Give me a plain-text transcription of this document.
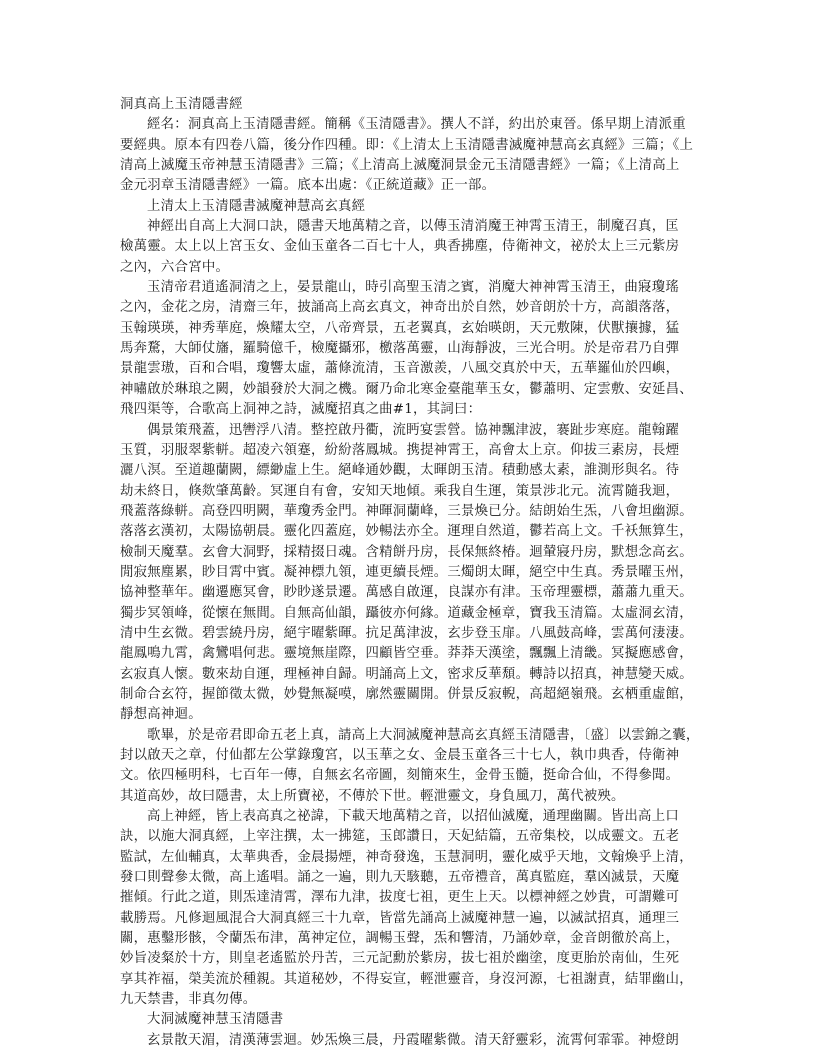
洞真高上玉清隱書經
經名：洞真高上玉清隱書經。簡稱《玉清隱書》。撰人不詳，約出於東晉。係早期上清派重
要經典。原本有四卷八篇，後分作四種。即：《上清太上玉清隱書滅魔神慧高玄真經》三篇；《上
清高上滅魔玉帝神慧玉清隱書》三篇；《上清高上滅魔洞景金元玉清隱書經》一篇；《上清高上
金元羽章玉清隱書經》一篇。底本出處：《正統道藏》正一部。
上清太上玉清隱書滅魔神慧高玄真經
神經出自高上大洞口訣，隱書天地萬精之音，以傳玉清消魔王神霄玉清王，制魔召真，匡
檢萬靈。太上以上宮玉女、金仙玉童各二百七十人，典香拂塵，侍衛神文，祕於太上三元紫房
之內，六合宮中。
玉清帝君逍遙洞清之上，晏景龍山，時引高聖玉清之賓，消魔大神神霄玉清王，曲寢瓊瑤
之內，金花之房，清齋三年，披誦高上高玄真文，神奇出於自然，妙音朗於十方，高韻落落，
玉翰瑛瑛，神秀華庭，煥耀太空，八帝齊景，五老翼真，玄始暎朗，天元敷陳，伏獸攘據，猛
馬奔騖，大師仗旛，羅騎億千，檢魔攝邪，檄落萬靈，山海靜波，三光合明。於是帝君乃自彈
景龍雲璈，百和合唱，瓊響太虛，蕭條流清，玉音激羨，八風交真於中天，五華羅仙於四嶼，
神嘯啟於琳琅之闕，妙韻發於大洞之機。爾乃命北寒金臺龍華玉女，鬱蕭明、定雲敷、安延昌、
飛四渠等，合歌高上洞神之詩，滅魔招真之曲#1，其詞曰：
偶景策飛蓋，迅轡浮八清。整控啟丹衢，流眄宴雲營。協神飄津波，褰趾步寒庭。龍翰躍
玉質，羽服翠紫軿。超凌六領蹇，紛紛落鳳城。携提神霄王，高會太上京。仰拔三素房，長煙
灑八溟。至道趣蘭闕，縹緲虛上生。絕峰通妙觀，太暉朗玉清。積動感太素，誰測形與名。待
劫未終日，倏欻肇萬齡。冥運自有會，安知天地傾。乘我自生運，策景涉北元。流霄隨我迴，
飛蓋落綠軿。高登四明闕，華瓊秀金門。神暉洞蘭峰，三景煥已分。結朗始生炁，八會坦幽源。
落落玄漢初，太陽協朝晨。靈化四蓋庭，妙暢法亦全。運理自然道，鬱若高上文。千袄無算生，
檢制天魔羣。玄會大洞野，採精掇日魂。含精餅丹房，長保無終椿。迴輦寢丹房，默想念高玄。
閒寂無塵累，眇目霄中賓。凝神標九領，連更續長煙。三燭朗太暉，絕空中生真。秀景曜玉州，
協神整華年。幽遷應冥會，眇眇遂景遷。萬感自啟運，良謀亦有津。玉帝理靈標，蕭蕭九重天。
獨步冥領峰，從懷在無間。自無高仙韻，躡彼亦何緣。道藏金極章，寶我玉清篇。太虛洞玄清，
清中生玄微。碧雲繞丹房，絕宇曜紫暉。抗足萬津波，玄步登玉扉。八風鼓高峰，雲萬何淒淒。
龍鳳鳴九霄，禽鸞唱何悲。靈境無崖際，四顧皆空垂。莽莽天漢塗，飄飄上清畿。冥擬應感會，
玄寂真人懷。數來劫自運，理極神自歸。明誦高上文，密求反華頹。轉詩以招真，神慧變天威。
制命合玄符，握節徵太微，妙覺無凝嗼，廓然靈關開。併景反寂輗，高超絕嶺飛。玄栖重虛館，
靜想高神迴。
歌畢，於是帝君即命五老上真，請高上大洞滅魔神慧高玄真經玉清隱書，〔盛〕以雲錦之囊，
封以啟天之章，付仙都左公掌錄瓊宮，以玉華之女、金晨玉童各三十七人，執巾典香，侍衛神
文。依四極明科，七百年一傳，自無玄名帝圖，刻簡來生，金骨玉髓，挺命合仙，不得參聞。
其道高妙，故曰隱書，太上所寶祕，不傳於下世。輕泄靈文，身負風刀，萬代被殃。
高上神經，皆上表高真之祕諱，下載天地萬精之音，以招仙滅魔，通理幽關。皆出高上口
訣，以施大洞真經，上宰注撰，太一拂筵，玉郎讚日，天妃結篇，五帝集校，以成靈文。五老
監試，左仙輔真，太華典香，金晨揚煙，神奇發逸，玉慧洞明，靈化威乎天地，文翰煥乎上清，
發口則聲參太微，高上遙唱。誦之一遍，則九天駭聽，五帝禮音，萬真監庭，羣凶滅景，天魔
摧傾。行此之道，則炁達清霄，澤布九津，拔度七祖，更生上天。以標神經之妙貴，可謂難可
載勝焉。凡修迴風混合大洞真經三十九章，皆當先誦高上滅魔神慧一遍，以滅試招真，通理三
關，惠鑿形骸，令蘭炁布津，萬神定位，調暢玉聲，炁和響清，乃誦妙章，金音朗徹於高上，
妙旨凌粲於十方，則皇老遙監於丹苦，三元記勳於紫房，拔七祖於幽塗，度更胎於南仙，生死
享其祚福，榮美流於種親。其道秘妙，不得妄宣，輕泄靈音，身沒河源，七祖謝責，結罪幽山，
九天禁書，非真勿傳。
大洞滅魔神慧玉清隱書
玄景散天湄，清漢薄雲迴。妙炁煥三晨，丹霞曜紫微。清天舒靈彩，流霄何霏霏。神燈朗
